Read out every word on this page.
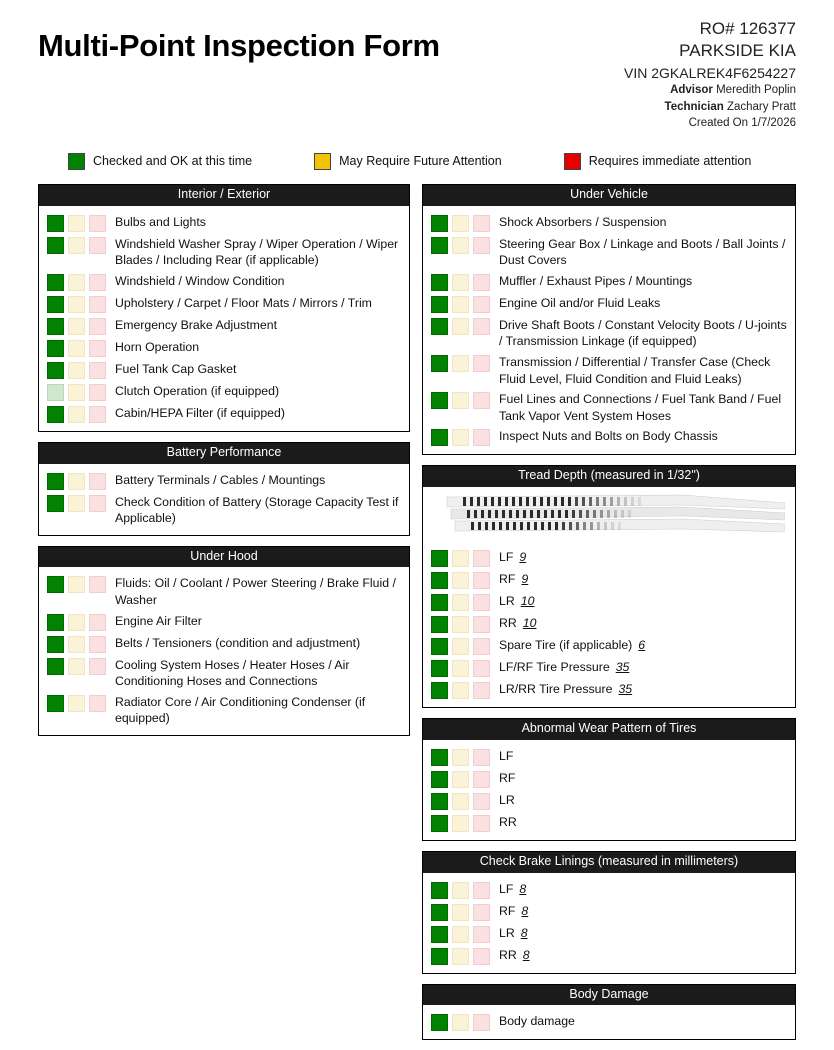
Multi-Point Inspection Form	RO# 126377
PARKSIDE KIA
VIN 2GKALREK4F6254227
Advisor Meredith Poplin
Technician Zachary Pratt
Created On 1/7/2026
Checked and OK at this time	May Require Future Attention	Requires immediate attention
Interior / Exterior
Bulbs and Lights
Windshield Washer Spray / Wiper Operation / Wiper Blades / Including Rear (if applicable)
Windshield / Window Condition
Upholstery / Carpet / Floor Mats / Mirrors / Trim
Emergency Brake Adjustment
Horn Operation
Fuel Tank Cap Gasket
Clutch Operation (if equipped)
Cabin/HEPA Filter (if equipped)
Battery Performance
Battery Terminals / Cables / Mountings
Check Condition of Battery (Storage Capacity Test if Applicable)
Under Hood
Fluids: Oil / Coolant / Power Steering / Brake Fluid / Washer
Engine Air Filter
Belts / Tensioners (condition and adjustment)
Cooling System Hoses / Heater Hoses / Air Conditioning Hoses and Connections
Radiator Core / Air Conditioning Condenser (if equipped)
Under Vehicle
Shock Absorbers / Suspension
Steering Gear Box / Linkage and Boots / Ball Joints / Dust Covers
Muffler / Exhaust Pipes / Mountings
Engine Oil and/or Fluid Leaks
Drive Shaft Boots / Constant Velocity Boots / U-joints / Transmission Linkage (if equipped)
Transmission / Differential / Transfer Case (Check Fluid Level, Fluid Condition and Fluid Leaks)
Fuel Lines and Connections / Fuel Tank Band / Fuel Tank Vapor Vent System Hoses
Inspect Nuts and Bolts on Body Chassis
Tread Depth (measured in 1/32")
LF 9
RF 9
LR 10
RR 10
Spare Tire (if applicable) 6
LF/RF Tire Pressure 35
LR/RR Tire Pressure 35
Abnormal Wear Pattern of Tires
LF
RF
LR
RR
Check Brake Linings (measured in millimeters)
LF 8
RF 8
LR 8
RR 8
Body Damage
Body damage
